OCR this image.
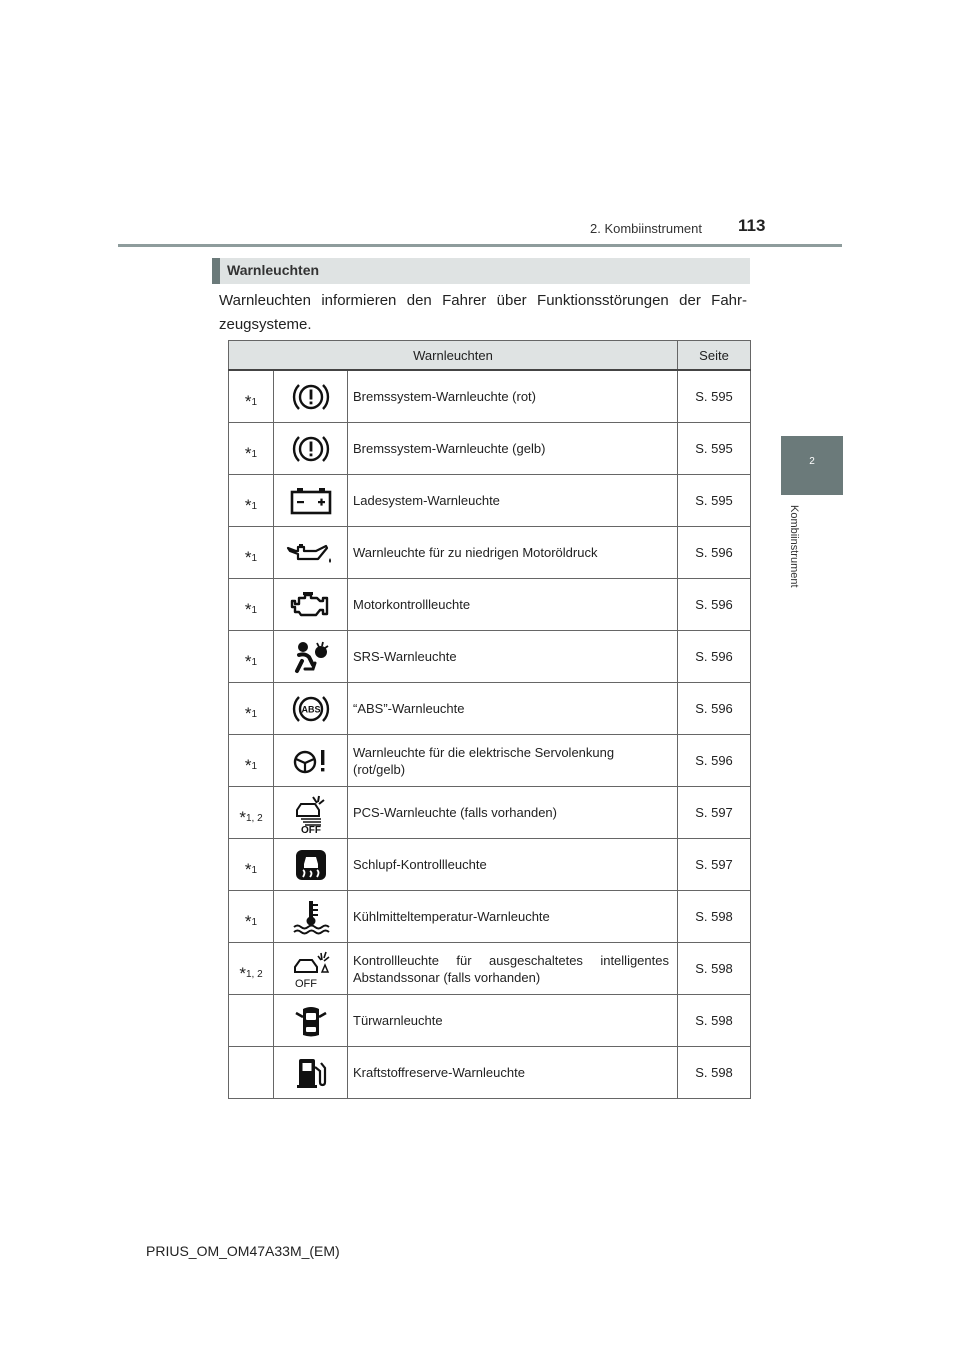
2. Kombiinstrument 113
2
Kombiinstrument
Warnleuchten
Warnleuchten informieren den Fahrer über Funktionsstörungen der Fahr-zeugsysteme.
Warnleuchten			Seite

$*_1$		Bremssystem-Warnleuchte (rot)	S. 595

$*_1$		Bremssystem-Warnleuchte (gelb)	S. 595

$*_1$		Ladesystem-Warnleuchte	S. 595

$*_1$		Warnleuchte für zu niedrigen Motoröldruck	S. 596

$*_1$		Motorkontrollleuchte	S. 596

$*_1$		SRS-Warnleuchte	S. 596

$*_1$	ABS	“ABS”-Warnleuchte	S. 596

$*_1$		Warnleuchte für die elektrische Servolenkung (rot/gelb)	S. 596

$*_{1, 2}$	OFF	PCS-Warnleuchte (falls vorhanden)	S. 597

$*_1$		Schlupf-Kontrollleuchte	S. 597

$*_1$		Kühlmitteltemperatur-Warnleuchte	S. 598

$*_{1, 2}$	OFF	Kontrollleuchte für ausgeschaltetes intelligentes Abstandssonar (falls vorhanden)	S. 598

		Türwarnleuchte	S. 598

		Kraftstoffreserve-Warnleuchte	S. 598
PRIUS_OM_OM47A33M_(EM)
